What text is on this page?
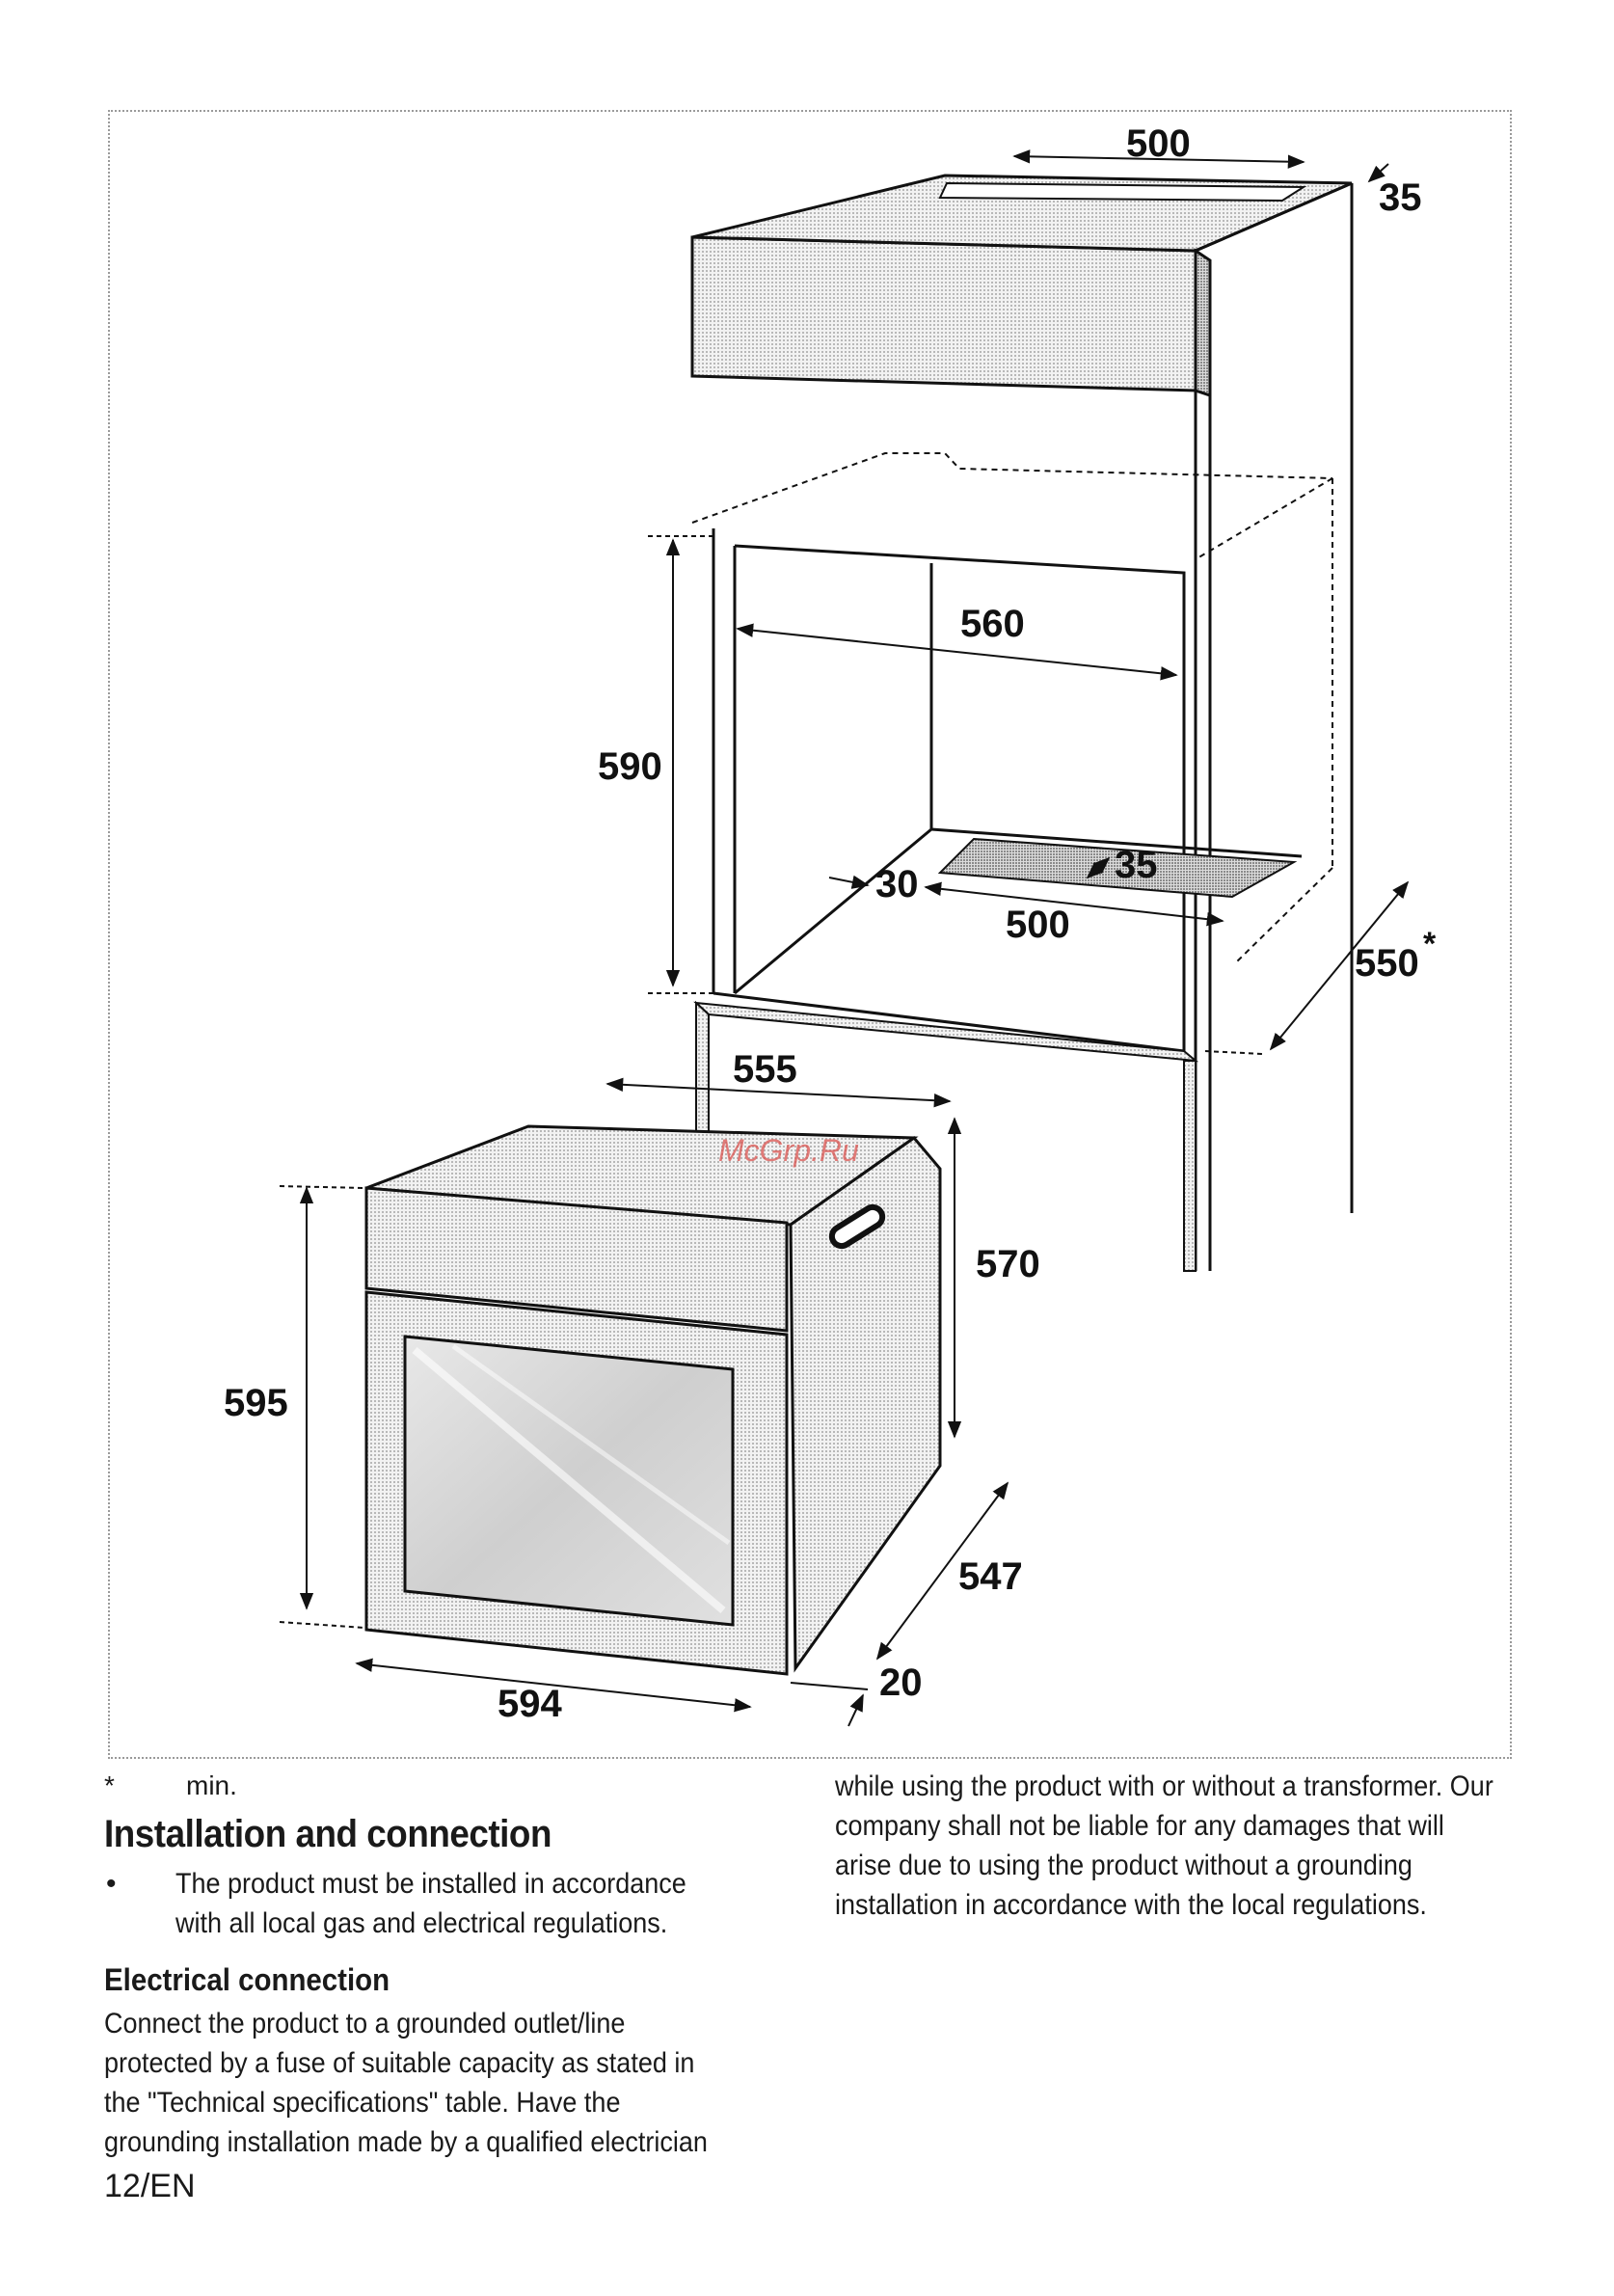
500
35
560
590
30	35
500
550 *
555
570
595
547
594	20
McGrp.Ru
*	min.
Installation and connection
•	The product must be installed in accordance with all local gas and electrical regulations.

Electrical connection

Connect the product to a grounded outlet/line protected by a fuse of suitable capacity as stated in the "Technical specifications" table. Have the grounding installation made by a qualified electrician

while using the product with or without a transformer. Our company shall not be liable for any damages that will arise due to using the product without a grounding installation in accordance with the local regulations.

12/EN
